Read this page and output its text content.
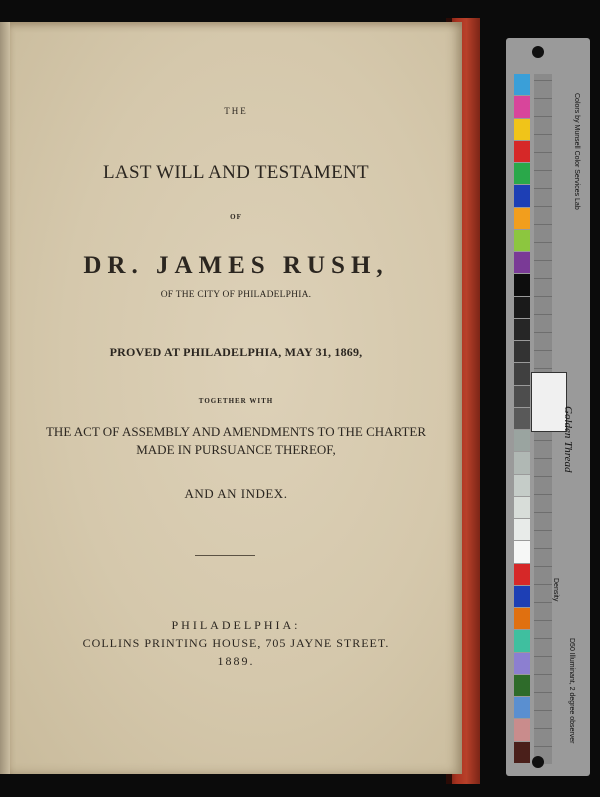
THE
LAST WILL AND TESTAMENT
OF
DR. JAMES RUSH,
OF THE CITY OF PHILADELPHIA.
PROVED AT PHILADELPHIA, MAY 31, 1869,
TOGETHER WITH
THE ACT OF ASSEMBLY AND AMENDMENTS TO THE CHARTER
MADE IN PURSUANCE THEREOF,
AND AN INDEX.
PHILADELPHIA:
COLLINS PRINTING HOUSE, 705 JAYNE STREET.
1889.
Colors by Munsell Color Services Lab
Golden Thread
Density
D50 Illuminant, 2 degree observer
